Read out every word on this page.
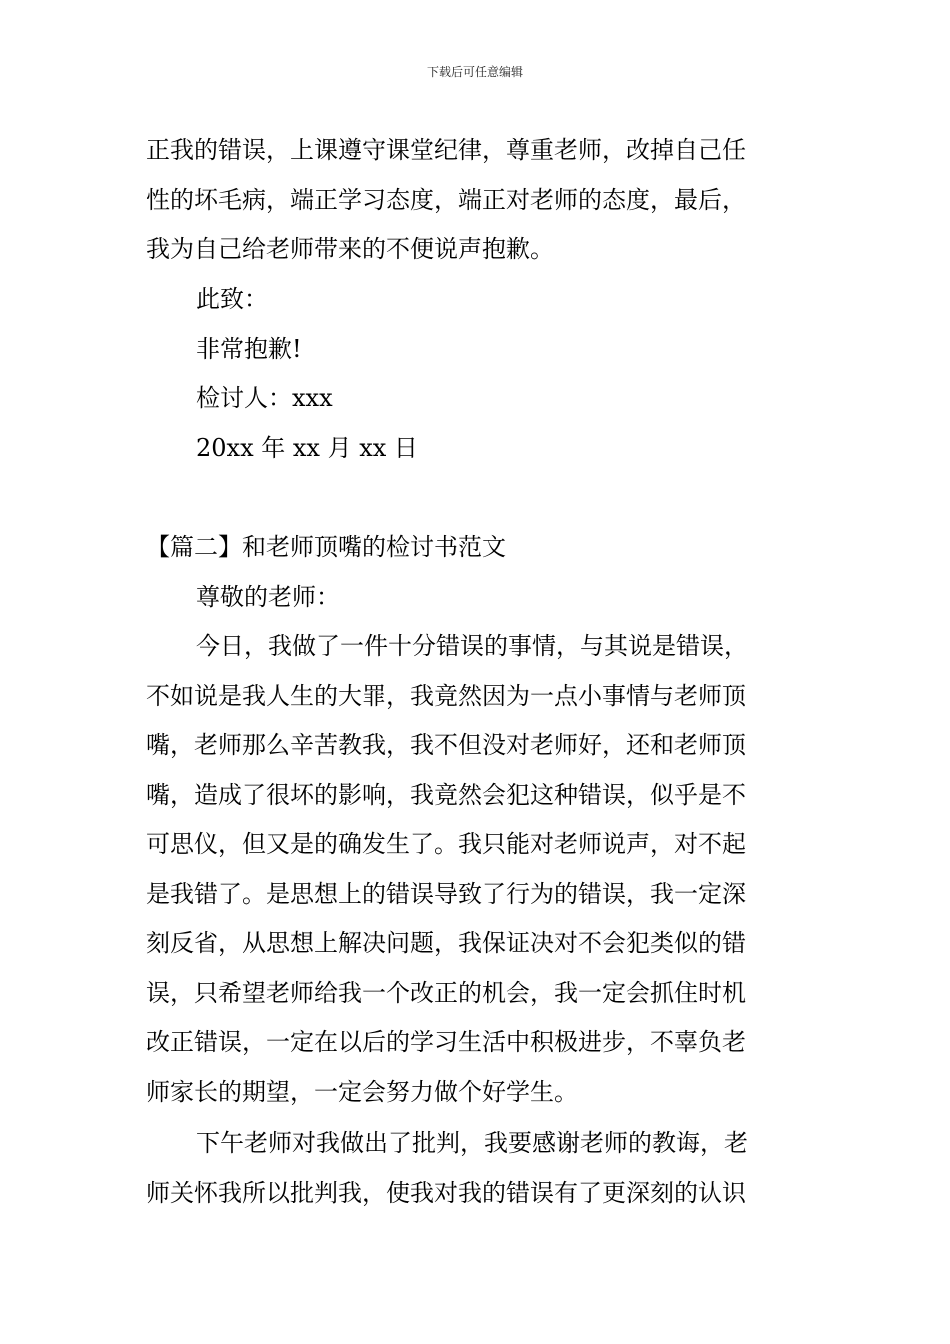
下载后可任意编辑
正我的错误，上课遵守课堂纪律，尊重老师，改掉自己任
性的坏毛病，端正学习态度，端正对老师的态度，最后，
我为自己给老师带来的不便说声抱歉。
此致：
非常抱歉!
检讨人：xxx
20xx 年 xx 月 xx 日
【篇二】和老师顶嘴的检讨书范文
尊敬的老师：
今日，我做了一件十分错误的事情，与其说是错误，
不如说是我人生的大罪，我竟然因为一点小事情与老师顶
嘴，老师那么辛苦教我，我不但没对老师好，还和老师顶
嘴，造成了很坏的影响，我竟然会犯这种错误，似乎是不
可思仪，但又是的确发生了。我只能对老师说声，对不起
是我错了。是思想上的错误导致了行为的错误，我一定深
刻反省，从思想上解决问题，我保证决对不会犯类似的错
误，只希望老师给我一个改正的机会，我一定会抓住时机
改正错误，一定在以后的学习生活中积极进步，不辜负老
师家长的期望，一定会努力做个好学生。
下午老师对我做出了批判，我要感谢老师的教诲，老
师关怀我所以批判我，使我对我的错误有了更深刻的认识
